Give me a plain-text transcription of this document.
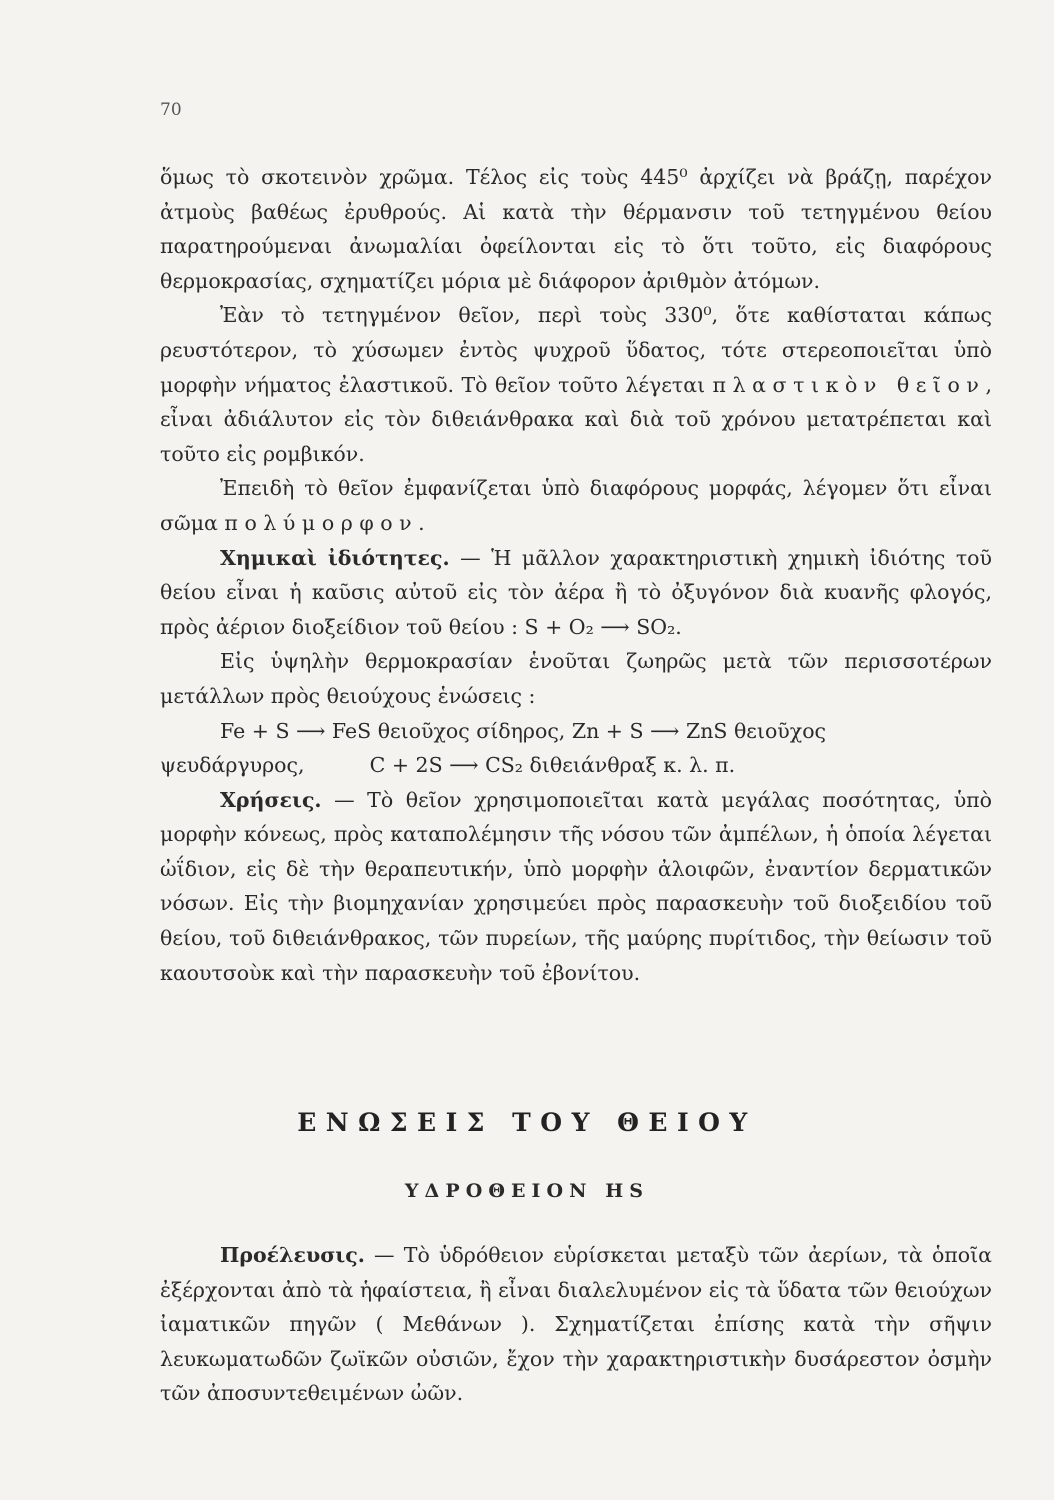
70

ὅμως τὸ σκοτεινὸν χρῶμα. Τέλος εἰς τοὺς 445⁰ ἀρχίζει νὰ βράζῃ, παρέχον ἀτμοὺς βαθέως ἐρυθρούς. Αἱ κατὰ τὴν θέρμανσιν τοῦ τετηγμένου θείου παρατηρούμεναι ἀνωμαλίαι ὀφείλονται εἰς τὸ ὅτι τοῦτο, εἰς διαφόρους θερμοκρασίας, σχηματίζει μόρια μὲ διάφορον ἀριθμὸν ἀτόμων.

Ἐὰν τὸ τετηγμένον θεῖον, περὶ τοὺς 330⁰, ὅτε καθίσταται κάπως ρευστότερον, τὸ χύσωμεν ἐντὸς ψυχροῦ ὕδατος, τότε στερεοποιεῖται ὑπὸ μορφὴν νήματος ἐλαστικοῦ. Τὸ θεῖον τοῦτο λέγεται πλαστικὸν θεῖον, εἶναι ἀδιάλυτον εἰς τὸν διθειάνθρακα καὶ διὰ τοῦ χρόνου μετατρέπεται καὶ τοῦτο εἰς ρομβικόν.

Ἐπειδὴ τὸ θεῖον ἐμφανίζεται ὑπὸ διαφόρους μορφάς, λέγομεν ὅτι εἶναι σῶμα πολύμορφον.

Χημικαὶ ἰδιότητες. — Ἡ μᾶλλον χαρακτηριστικὴ χημικὴ ἰδιότης τοῦ θείου εἶναι ἡ καῦσις αὐτοῦ εἰς τὸν ἀέρα ἢ τὸ ὀξυγόνον διὰ κυανῆς φλογός, πρὸς ἀέριον διοξείδιον τοῦ θείου : S + O₂ ⟶ SO₂.

Εἰς ὑψηλὴν θερμοκρασίαν ἑνοῦται ζωηρῶς μετὰ τῶν περισσοτέρων μετάλλων πρὸς θειούχους ἑνώσεις :

Fe + S ⟶ FeS θειοῦχος σίδηρος, Zn + S ⟶ ZnS θειοῦχος

ψευδάργυρος,          C + 2S ⟶ CS₂ διθειάνθραξ κ. λ. π.

Χρήσεις. — Τὸ θεῖον χρησιμοποιεῖται κατὰ μεγάλας ποσότητας, ὑπὸ μορφὴν κόνεως, πρὸς καταπολέμησιν τῆς νόσου τῶν ἀμπέλων, ἡ ὁποία λέγεται ὠΐδιον, εἰς δὲ τὴν θεραπευτικήν, ὑπὸ μορφὴν ἀλοιφῶν, ἐναντίον δερματικῶν νόσων. Εἰς τὴν βιομηχανίαν χρησιμεύει πρὸς παρασκευὴν τοῦ διοξειδίου τοῦ θείου, τοῦ διθειάνθρακος, τῶν πυρείων, τῆς μαύρης πυρίτιδος, τὴν θείωσιν τοῦ καουτσοὺκ καὶ τὴν παρασκευὴν τοῦ ἐβονίτου.

ΕΝΩΣΕΙΣ ΤΟΥ ΘΕΙΟΥ
ΥΔΡΟΘΕΙΟΝ HS

Προέλευσις. — Τὸ ὑδρόθειον εὑρίσκεται μεταξὺ τῶν ἀερίων, τὰ ὁποῖα ἐξέρχονται ἀπὸ τὰ ἡφαίστεια, ἢ εἶναι διαλελυμένον εἰς τὰ ὕδατα τῶν θειούχων ἰαματικῶν πηγῶν ( Μεθάνων ). Σχηματίζεται ἐπίσης κατὰ τὴν σῆψιν λευκωματωδῶν ζωϊκῶν οὐσιῶν, ἔχον τὴν χαρακτηριστικὴν δυσάρεστον ὀσμὴν τῶν ἀποσυντεθειμένων ὠῶν.
